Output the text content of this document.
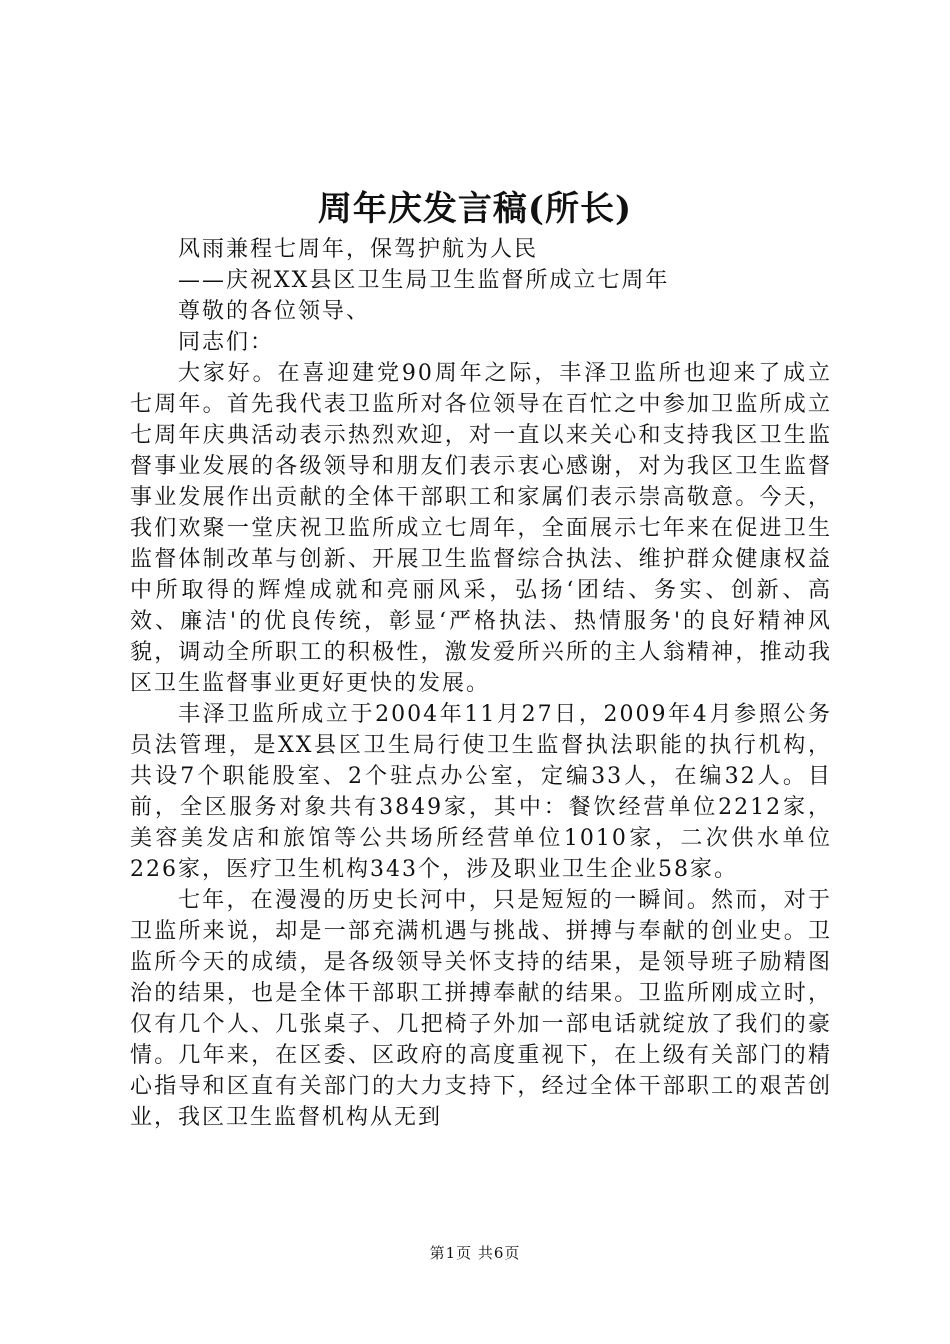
周年庆发言稿(所长)

风雨兼程七周年，保驾护航为人民

——庆祝XX县区卫生局卫生监督所成立七周年

尊敬的各位领导、

同志们：

大家好。在喜迎建党90周年之际，丰泽卫监所也迎来了成立七周年。首先我代表卫监所对各位领导在百忙之中参加卫监所成立七周年庆典活动表示热烈欢迎，对一直以来关心和支持我区卫生监督事业发展的各级领导和朋友们表示衷心感谢，对为我区卫生监督事业发展作出贡献的全体干部职工和家属们表示崇高敬意。今天，我们欢聚一堂庆祝卫监所成立七周年，全面展示七年来在促进卫生监督体制改革与创新、开展卫生监督综合执法、维护群众健康权益中所取得的辉煌成就和亮丽风采，弘扬‘团结、务实、创新、高效、廉洁'的优良传统，彰显‘严格执法、热情服务'的良好精神风貌，调动全所职工的积极性，激发爱所兴所的主人翁精神，推动我区卫生监督事业更好更快的发展。

丰泽卫监所成立于2004年11月27日，2009年4月参照公务员法管理，是XX县区卫生局行使卫生监督执法职能的执行机构，共设7个职能股室、2个驻点办公室，定编33人，在编32人。目前，全区服务对象共有3849家，其中：餐饮经营单位2212家，美容美发店和旅馆等公共场所经营单位1010家，二次供水单位226家，医疗卫生机构343个，涉及职业卫生企业58家。

七年，在漫漫的历史长河中，只是短短的一瞬间。然而，对于卫监所来说，却是一部充满机遇与挑战、拼搏与奉献的创业史。卫监所今天的成绩，是各级领导关怀支持的结果，是领导班子励精图治的结果，也是全体干部职工拼搏奉献的结果。卫监所刚成立时，仅有几个人、几张桌子、几把椅子外加一部电话就绽放了我们的豪情。几年来，在区委、区政府的高度重视下，在上级有关部门的精心指导和区直有关部门的大力支持下，经过全体干部职工的艰苦创业，我区卫生监督机构从无到

第1页 共6页
